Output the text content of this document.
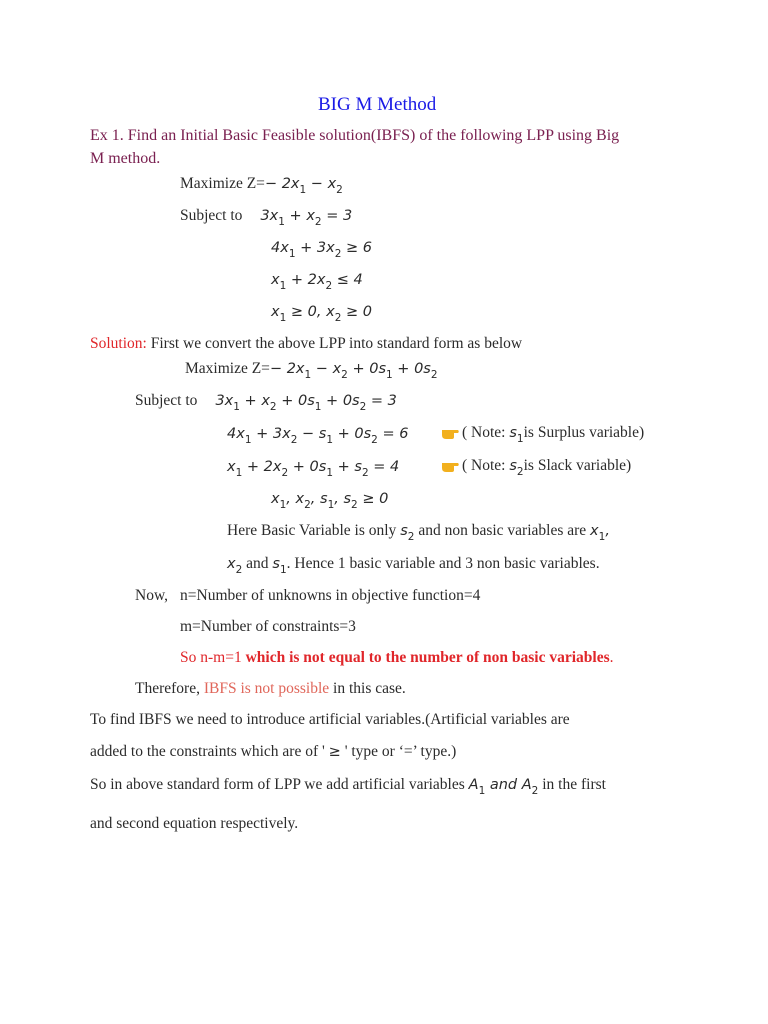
BIG M Method
Ex 1. Find an Initial Basic Feasible solution(IBFS) of the following LPP using Big
M method.
Maximize $Z=- 2x_1 - x_2$
Subject to $3x_1 + x_2 = 3$
$4x_1 + 3x_2 \ge 6$
$x_1 + 2x_2 \le 4$
$x_1 \ge 0$, $x_2 \ge 0$
Solution: First we convert the above LPP into standard form as below
Maximize $Z=- 2x_1 - x_2 + 0s_1 + 0s_2$
Subject to $3x_1 + x_2 + 0s_1 + 0s_2 = 3$
$4x_1 + 3x_2 - s_1 + 0s_2 = 6$	( Note: $s_1is$ Surplus variable)
$x_1 + 2x_2 + 0s_1 + s_2 = 4$	( Note: $s_2is$ Slack variable)
$x_1$, $x_2$, $s_1$, $s_2 \ge 0$
Here Basic Variable is only $s_2$ and non basic variables are $x_1$,
$x_2$ and $s_1$. Hence 1 basic variable and 3 non basic variables.
Now, n=Number of unknowns in objective function=4
m=Number of constraints=3
So n-m=1 which is not equal to the number of non basic variables.
Therefore, IBFS is not possible in this case.
To find IBFS we need to introduce artificial variables.(Artificial variables are
added to the constraints which are of ' ≥ ' type or ‘=’ type.)
So in above standard form of LPP we add artificial variables $A_1$ and $A_2$ in the first
and second equation respectively.
